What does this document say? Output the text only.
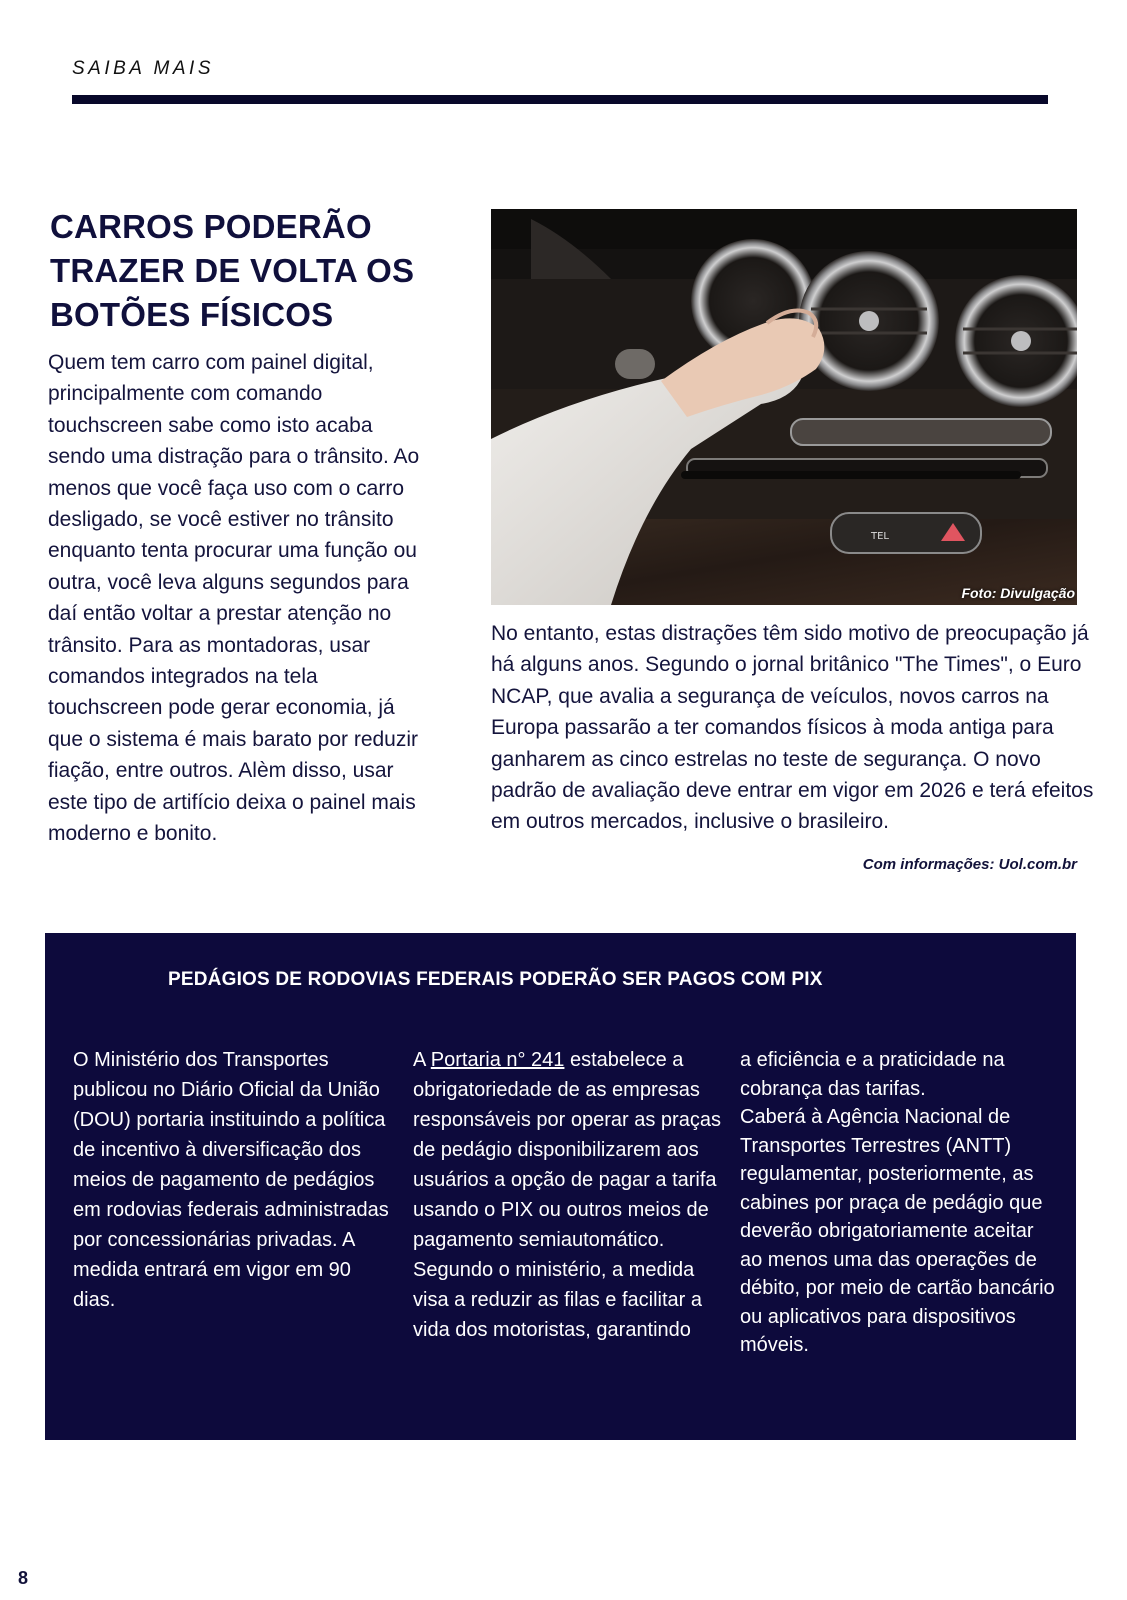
SAIBA MAIS
CARROS PODERÃO TRAZER DE VOLTA OS BOTÕES FÍSICOS

Quem tem carro com painel digital, principalmente com comando touchscreen sabe como isto acaba sendo uma distração para o trânsito. Ao menos que você faça uso com o carro desligado, se você estiver no trânsito enquanto tenta procurar uma função ou outra, você leva alguns segundos para daí então voltar a prestar atenção no trânsito. Para as montadoras, usar comandos integrados na tela touchscreen pode gerar economia, já que o sistema é mais barato por reduzir fiação, entre outros. Alèm disso, usar este tipo de artifício deixa o painel mais moderno e bonito.

TEL
Foto: Divulgação

No entanto, estas distrações têm sido motivo de preocupação já há alguns anos. Segundo o jornal britânico "The Times", o Euro NCAP, que avalia a segurança de veículos, novos carros na Europa passarão a ter comandos físicos à moda antiga para ganharem as cinco estrelas no teste de segurança. O novo padrão de avaliação deve entrar em vigor em 2026 e terá efeitos em outros mercados, inclusive o brasileiro.

Com informações: Uol.com.br
PEDÁGIOS DE RODOVIAS FEDERAIS PODERÃO SER PAGOS COM PIX

O Ministério dos Transportes publicou no Diário Oficial da União (DOU) portaria instituindo a política de incentivo à diversificação dos meios de pagamento de pedágios em rodovias federais administradas por concessionárias privadas. A medida entrará em vigor em 90 dias.

A Portaria n° 241 estabelece a obrigatoriedade de as empresas responsáveis por operar as praças de pedágio disponibilizarem aos usuários a opção de pagar a tarifa usando o PIX ou outros meios de pagamento semiautomático. Segundo o ministério, a medida visa a reduzir as filas e facilitar a vida dos motoristas, garantindo

a eficiência e a praticidade na cobrança das tarifas.
Caberá à Agência Nacional de Transportes Terrestres (ANTT) regulamentar, posteriormente, as cabines por praça de pedágio que deverão obrigatoriamente aceitar ao menos uma das operações de débito, por meio de cartão bancário ou aplicativos para dispositivos móveis.
8
